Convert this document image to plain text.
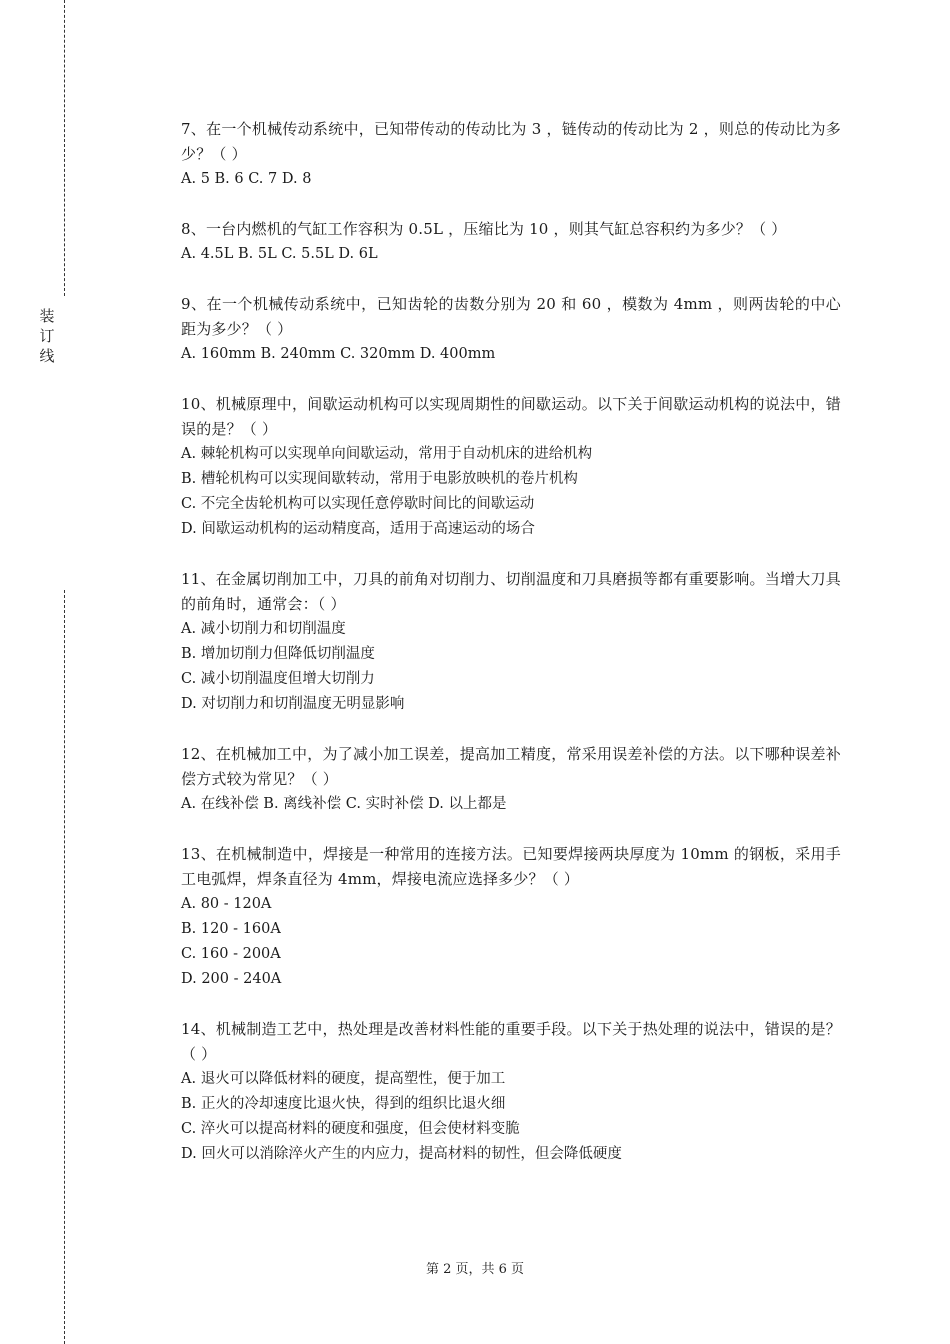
装
订
线
7、在一个机械传动系统中，已知带传动的传动比为 3 ，链传动的传动比为 2 ，则总的传动比为多少？（ ）
A. 5 B. 6 C. 7 D. 8
8、一台内燃机的气缸工作容积为 0.5L ，压缩比为 10 ，则其气缸总容积约为多少？（ ）
A. 4.5L B. 5L C. 5.5L D. 6L
9、在一个机械传动系统中，已知齿轮的齿数分别为 20 和 60 ，模数为 4mm ，则两齿轮的中心距为多少？（ ）
A. 160mm B. 240mm C. 320mm D. 400mm
10、机械原理中，间歇运动机构可以实现周期性的间歇运动。以下关于间歇运动机构的说法中，错误的是？（ ）
A. 棘轮机构可以实现单向间歇运动，常用于自动机床的进给机构
B. 槽轮机构可以实现间歇转动，常用于电影放映机的卷片机构
C. 不完全齿轮机构可以实现任意停歇时间比的间歇运动
D. 间歇运动机构的运动精度高，适用于高速运动的场合
11、在金属切削加工中，刀具的前角对切削力、切削温度和刀具磨损等都有重要影响。当增大刀具的前角时，通常会：（ ）
A. 减小切削力和切削温度
B. 增加切削力但降低切削温度
C. 减小切削温度但增大切削力
D. 对切削力和切削温度无明显影响
12、在机械加工中，为了减小加工误差，提高加工精度，常采用误差补偿的方法。以下哪种误差补偿方式较为常见？（ ）
A. 在线补偿 B. 离线补偿 C. 实时补偿 D. 以上都是
13、在机械制造中，焊接是一种常用的连接方法。已知要焊接两块厚度为 10mm 的钢板，采用手工电弧焊，焊条直径为 4mm，焊接电流应选择多少？（ ）
A. 80 - 120A
B. 120 - 160A
C. 160 - 200A
D. 200 - 240A
14、机械制造工艺中，热处理是改善材料性能的重要手段。以下关于热处理的说法中，错误的是？（ ）
A. 退火可以降低材料的硬度，提高塑性，便于加工
B. 正火的冷却速度比退火快，得到的组织比退火细
C. 淬火可以提高材料的硬度和强度，但会使材料变脆
D. 回火可以消除淬火产生的内应力，提高材料的韧性，但会降低硬度
第 2 页，共 6 页
